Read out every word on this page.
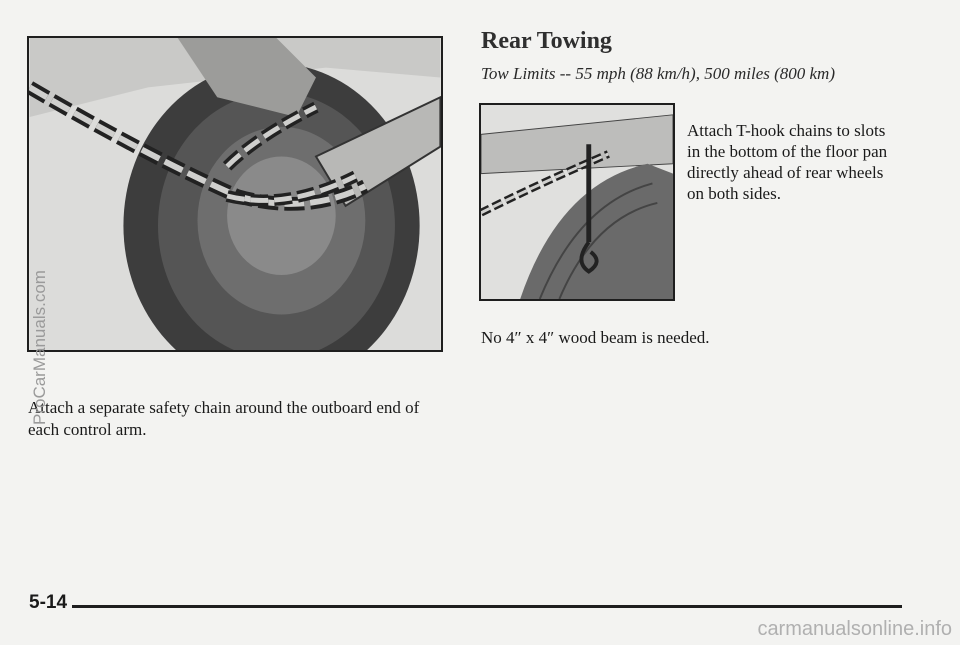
Attach a separate safety chain around the outboard end of each control arm.

Rear Towing
Tow Limits -- 55 mph (88 km/h), 500 miles (800 km)

Attach T-hook chains to slots in the bottom of the floor pan directly ahead of rear wheels on both sides.

No 4″ x 4″ wood beam is needed.
5-14
ProCarManuals.com
carmanualsonline.info
